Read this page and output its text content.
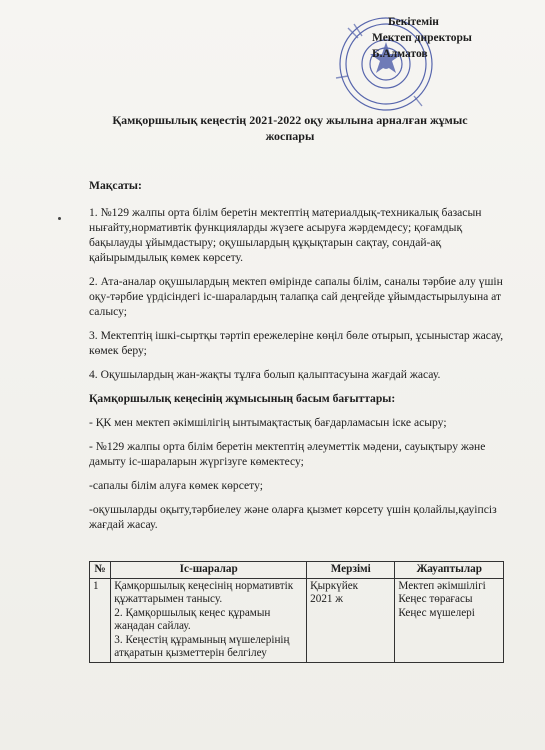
Бекітемін
Мектеп директоры
Б.Алматов
Қамқоршылық кеңестің 2021-2022 оқу жылына арналған жұмыс жоспары

Мақсаты:

1. №129 жалпы орта білім беретін мектептің материалдық-техникалық базасын нығайту,нормативтік функцияларды жүзеге асыруға жәрдемдесу; қоғамдық бақылауды ұйымдастыру; оқушылардың құқықтарын сақтау, сондай-ақ қайырымдылық көмек көрсету.

2. Ата-аналар оқушылардың мектеп өмірінде сапалы білім, саналы тәрбие алу үшін оқу-тәрбие үрдісіндегі іс-шаралардың талапқа сай деңгейде ұйымдастырылуына ат салысу;

3. Мектептің ішкі-сыртқы тәртіп ережелеріне көңіл бөле отырып, ұсыныстар жасау, көмек беру;

4. Оқушылардың жан-жақты тұлға болып қалыптасуына жағдай жасау.

Қамқоршылық кеңесінің жұмысының басым бағыттары:

- ҚК мен мектеп әкімшілігің ынтымақтастық бағдарламасын іске асыру;

- №129 жалпы орта білім беретін мектептің әлеуметтік мәдени, сауықтыру және дамыту іс-шараларын жүргізуге көмектесу;

-сапалы білім алуға көмек көрсету;

-оқушыларды оқыту,тәрбиелеу және оларға қызмет көрсету үшін қолайлы,қауіпсіз жағдай жасау.

№	Іс-шаралар	Мерзімі	Жауаптылар
1	Қамқоршылық кеңесінің нормативтік құжаттарымен танысу.
2. Қамқоршылық кеңес құрамын жаңадан сайлау.
3. Кеңестің құрамының мүшелерінің атқаратын қызметтерін белгілеу	Қыркүйек
2021 ж	Мектеп әкімшілігі
Кеңес төрағасы
Кеңес мүшелері
